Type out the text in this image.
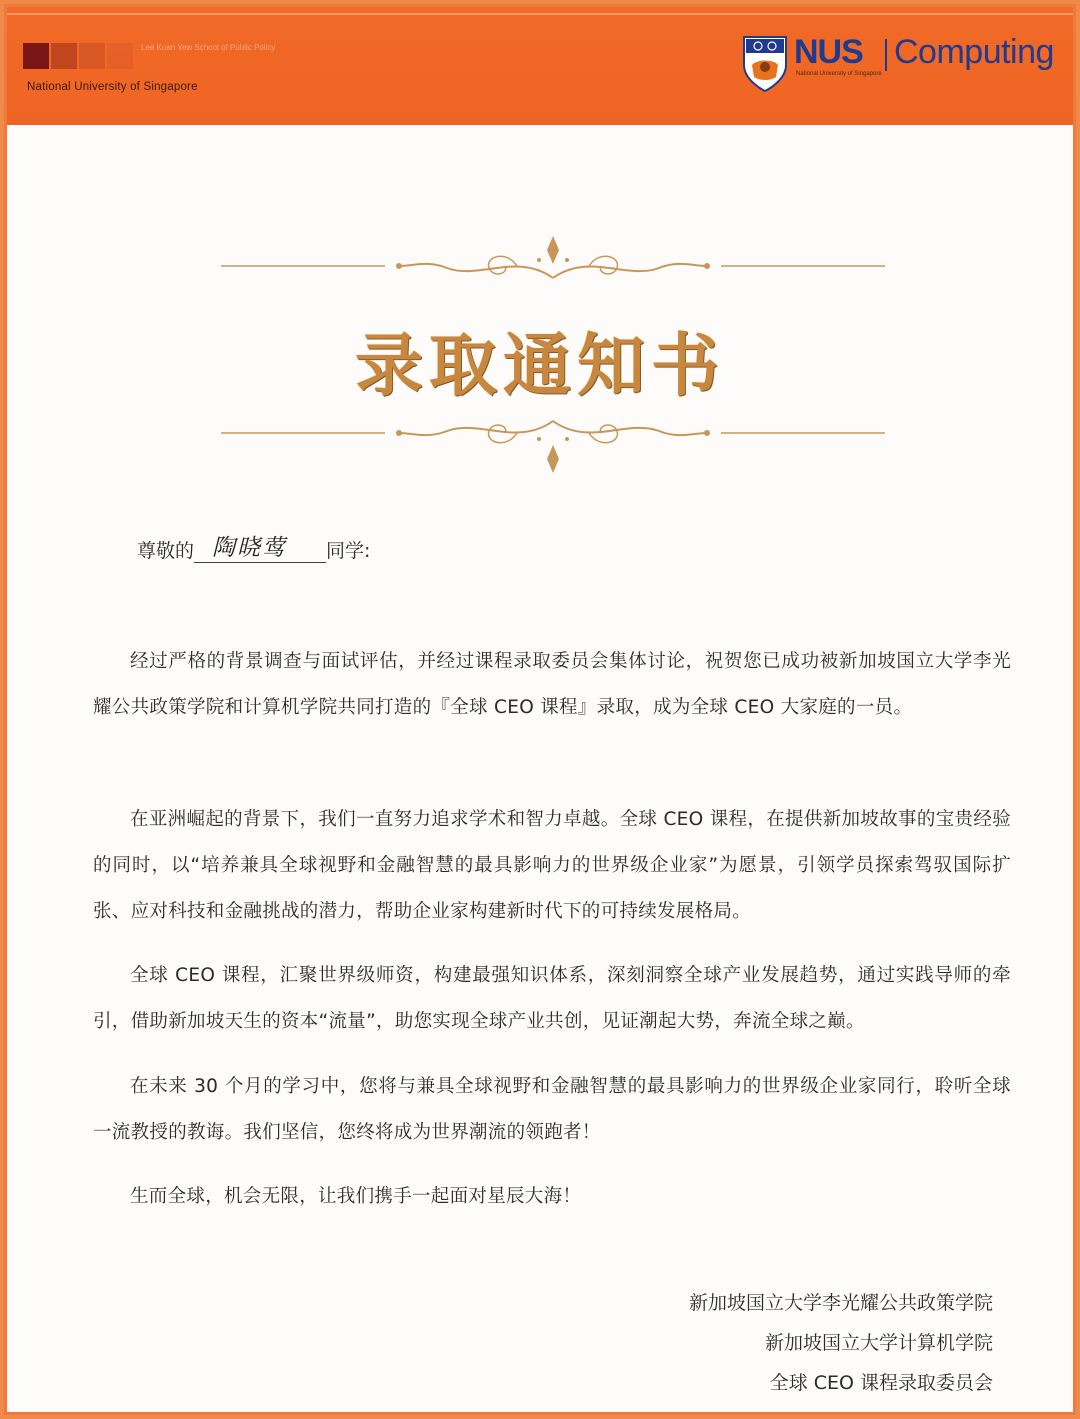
Lee Kuan Yew School of Public Policy
National University of Singapore
NUS
National University of Singapore
Computing
录取通知书
尊敬的 陶晓莺 同学:

经过严格的背景调查与面试评估，并经过课程录取委员会集体讨论，祝贺您已成功被新加坡国立大学李光耀公共政策学院和计算机学院共同打造的『全球 CEO 课程』录取，成为全球 CEO 大家庭的一员。

在亚洲崛起的背景下，我们一直努力追求学术和智力卓越。全球 CEO 课程，在提供新加坡故事的宝贵经验的同时，以“培养兼具全球视野和金融智慧的最具影响力的世界级企业家”为愿景，引领学员探索驾驭国际扩张、应对科技和金融挑战的潜力，帮助企业家构建新时代下的可持续发展格局。

全球 CEO 课程，汇聚世界级师资，构建最强知识体系，深刻洞察全球产业发展趋势，通过实践导师的牵引，借助新加坡天生的资本“流量”，助您实现全球产业共创，见证潮起大势，奔流全球之巅。

在未来 30 个月的学习中，您将与兼具全球视野和金融智慧的最具影响力的世界级企业家同行，聆听全球一流教授的教诲。我们坚信，您终将成为世界潮流的领跑者！

生而全球，机会无限，让我们携手一起面对星辰大海！

新加坡国立大学李光耀公共政策学院
新加坡国立大学计算机学院
全球 CEO 课程录取委员会
